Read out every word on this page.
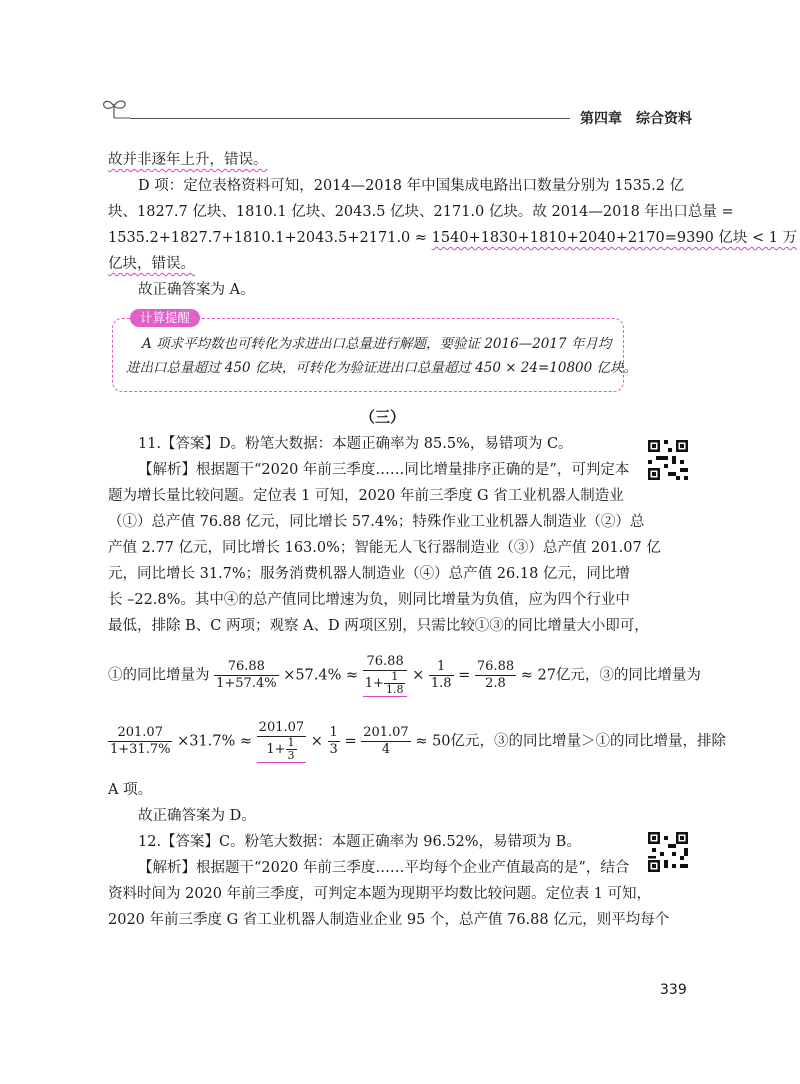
第四章 综合资料
故并非逐年上升，错误。
D 项：定位表格资料可知，2014—2018 年中国集成电路出口数量分别为 1535.2 亿
块、1827.7 亿块、1810.1 亿块、2043.5 亿块、2171.0 亿块。故 2014—2018 年出口总量 =
1535.2+1827.7+1810.1+2043.5+2171.0 ≈ 1540+1830+1810+2040+2170=9390 亿块 < 1 万
亿块，错误。
故正确答案为 A。
计算提醒
A 项求平均数也可转化为求进出口总量进行解题，要验证 2016—2017 年月均
进出口总量超过 450 亿块，可转化为验证进出口总量超过 450 × 24=10800 亿块。
（三）
11.【答案】D。粉笔大数据：本题正确率为 85.5%，易错项为 C。
【解析】根据题干“2020 年前三季度……同比增量排序正确的是”，可判定本
题为增长量比较问题。定位表 1 可知，2020 年前三季度 G 省工业机器人制造业
（①）总产值 76.88 亿元，同比增长 57.4%；特殊作业工业机器人制造业（②）总
产值 2.77 亿元，同比增长 163.0%；智能无人飞行器制造业（③）总产值 201.07 亿
元，同比增长 31.7%；服务消费机器人制造业（④）总产值 26.18 亿元，同比增
长 –22.8%。其中④的总产值同比增速为负，则同比增量为负值，应为四个行业中
最低，排除 B、C 两项；观察 A、D 两项区别，只需比较①③的同比增量大小即可，
①的同比增量为 $\frac{76.88}{1+57.4\%} \times 57.4\% \approx \frac{76.88}{1+ \frac{1}{1.8}} \times \frac{1}{1.8} = \frac{76.88}{2.8} \approx 27$亿元，③的同比增量为
$\frac{201.07}{1+31.7\%} \times 31.7\% \approx \frac{201.07}{1+ \frac{1}{3}} \times \frac{1}{3} = \frac{201.07}{4} \approx 50$亿元，③的同比增量＞①的同比增量，排除
A 项。
故正确答案为 D。
12.【答案】C。粉笔大数据：本题正确率为 96.52%，易错项为 B。
【解析】根据题干“2020 年前三季度……平均每个企业产值最高的是”，结合
资料时间为 2020 年前三季度，可判定本题为现期平均数比较问题。定位表 1 可知，
2020 年前三季度 G 省工业机器人制造业企业 95 个，总产值 76.88 亿元，则平均每个
339
